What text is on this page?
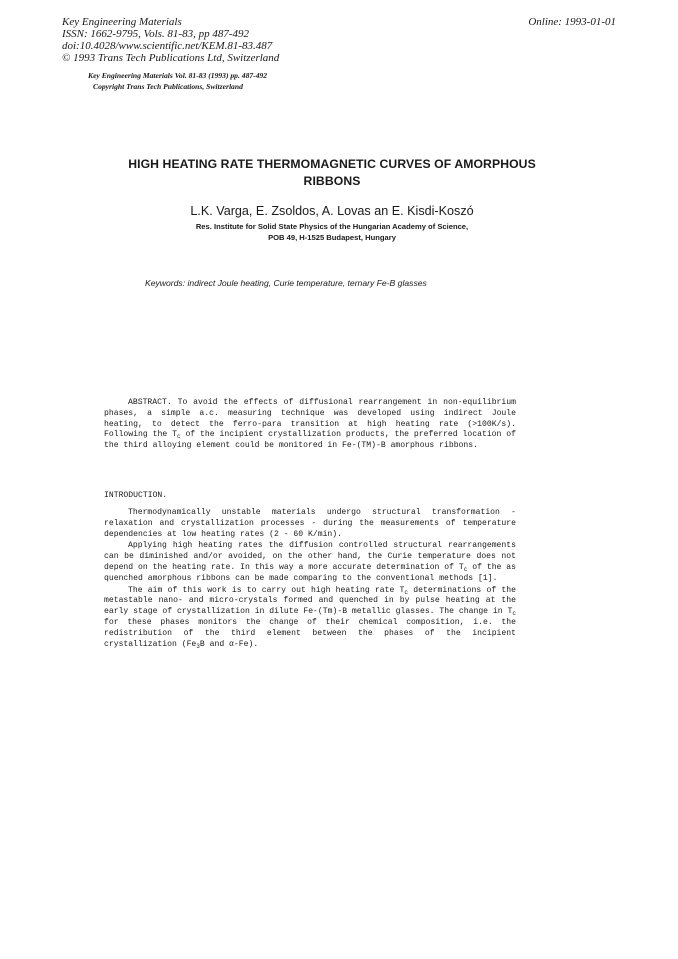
Key Engineering Materials
ISSN: 1662-9795, Vols. 81-83, pp 487-492
doi:10.4028/www.scientific.net/KEM.81-83.487
© 1993 Trans Tech Publications Ltd, Switzerland
Online: 1993-01-01
Key Engineering Materials Vol. 81-83 (1993) pp. 487-492
Copyright Trans Tech Publications, Switzerland
HIGH HEATING RATE THERMOMAGNETIC CURVES OF AMORPHOUS
RIBBONS
L.K. Varga, E. Zsoldos, A. Lovas an E. Kisdi-Koszó
Res. Institute for Solid State Physics of the Hungarian Academy of Science,
POB 49, H-1525 Budapest, Hungary
Keywords: indirect Joule heating, Curie temperature, ternary Fe-B glasses

ABSTRACT. To avoid the effects of diffusional rearrangement in non-equilibrium phases, a simple a.c. measuring technique was developed using indirect Joule heating, to detect the ferro-para transition at high heating rate (>100K/s). Following the $T_c$ of the incipient crystallization products, the preferred location of the third alloying element could be monitored in Fe-(TM)-B amorphous ribbons.

INTRODUCTION.

Thermodynamically unstable materials undergo structural transformation -relaxation and crystallization processes - during the measurements of temperature dependencies at low heating rates (2 - 60 K/min).

Applying high heating rates the diffusion controlled structural rearrangements can be diminished and/or avoided, on the other hand, the Curie temperature does not depend on the heating rate. In this way a more accurate determination of $T_c$ of the as quenched amorphous ribbons can be made comparing to the conventional methods [1].

The aim of this work is to carry out high heating rate $T_c$ determinations of the metastable nano- and micro-crystals formed and quenched in by pulse heating at the early stage of crystallization in dilute Fe-(Tm)-B metallic glasses. The change in $T_c$ for these phases monitors the change of their chemical composition, i.e. the redistribution of the third element between the phases of the incipient crystallization ($Fe_3B$ and α-Fe).
